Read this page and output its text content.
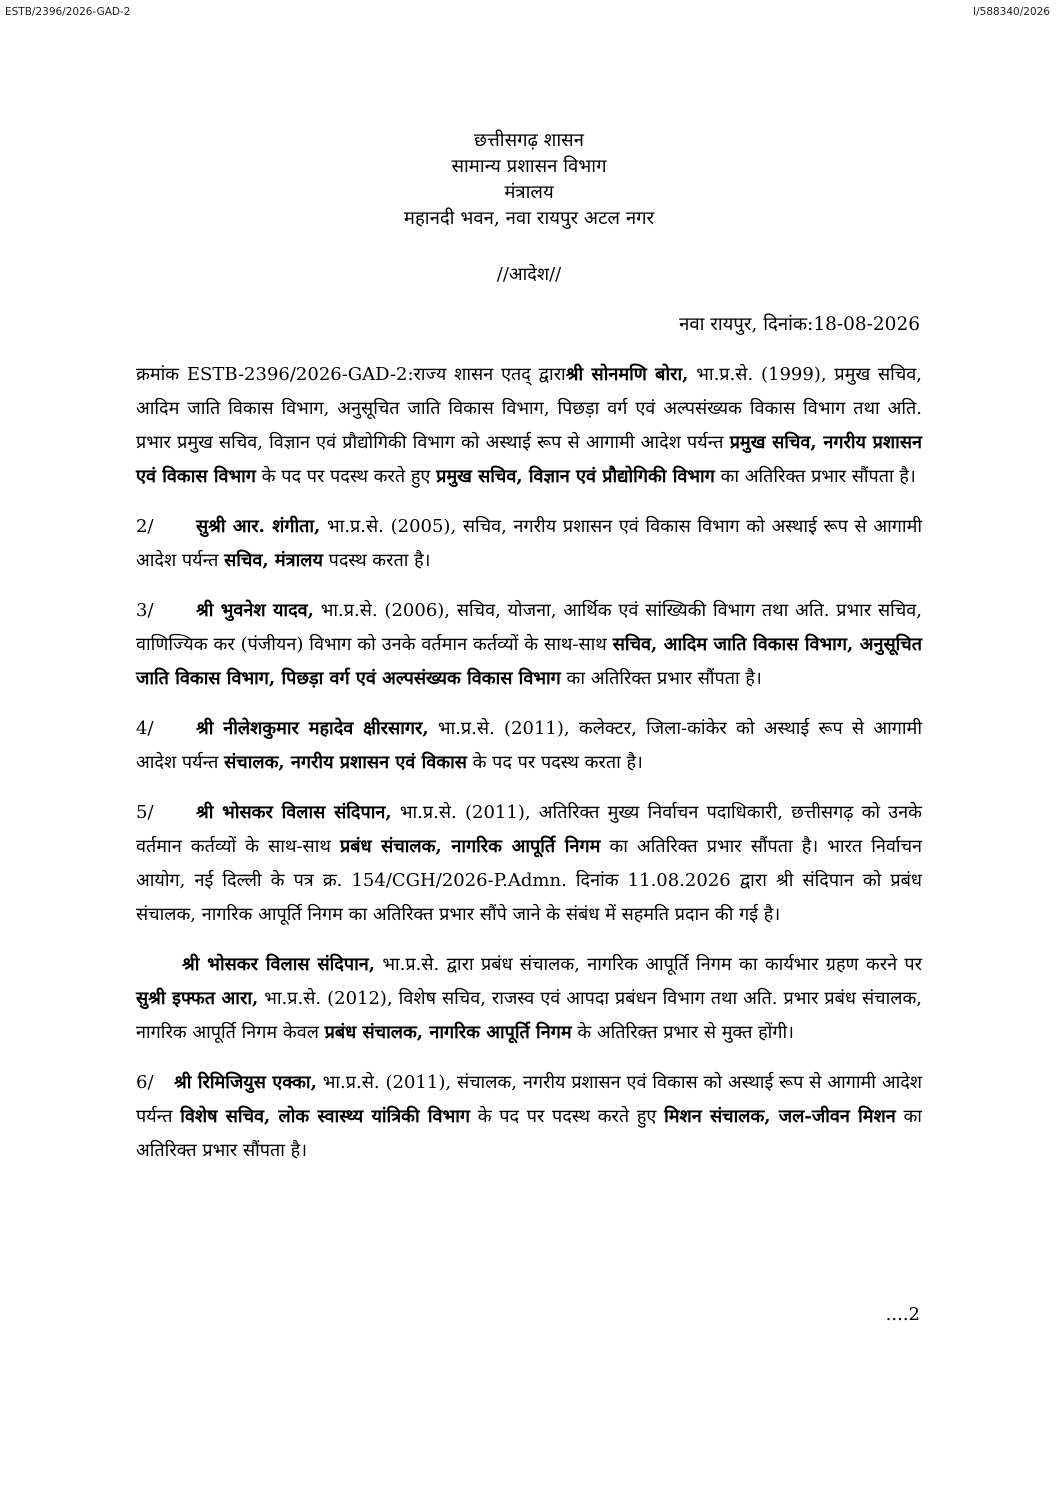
ESTB/2396/2026-GAD-2	I/588340/2026
छत्तीसगढ़ शासन
सामान्य प्रशासन विभाग
मंत्रालय
महानदी भवन, नवा रायपुर अटल नगर
//आदेश//
नवा रायपुर, दिनांक:18-08-2026

क्रमांक ESTB-2396/2026-GAD-2:राज्य शासन एतद् द्वाराश्री सोनमणि बोरा, भा.प्र.से. (1999), प्रमुख सचिव, आदिम जाति विकास विभाग, अनुसूचित जाति विकास विभाग, पिछड़ा वर्ग एवं अल्पसंख्यक विकास विभाग तथा अति. प्रभार प्रमुख सचिव, विज्ञान एवं प्रौद्योगिकी विभाग को अस्थाई रूप से आगामी आदेश पर्यन्त प्रमुख सचिव, नगरीय प्रशासन एवं विकास विभाग के पद पर पदस्थ करते हुए प्रमुख सचिव, विज्ञान एवं प्रौद्योगिकी विभाग का अतिरिक्त प्रभार सौंपता है।

2/ सुश्री आर. शंगीता, भा.प्र.से. (2005), सचिव, नगरीय प्रशासन एवं विकास विभाग को अस्थाई रूप से आगामी आदेश पर्यन्त सचिव, मंत्रालय पदस्थ करता है।

3/ श्री भुवनेश यादव, भा.प्र.से. (2006), सचिव, योजना, आर्थिक एवं सांख्यिकी विभाग तथा अति. प्रभार सचिव, वाणिज्यिक कर (पंजीयन) विभाग को उनके वर्तमान कर्तव्यों के साथ-साथ सचिव, आदिम जाति विकास विभाग, अनुसूचित जाति विकास विभाग, पिछड़ा वर्ग एवं अल्पसंख्यक विकास विभाग का अतिरिक्त प्रभार सौंपता है।

4/ श्री नीलेशकुमार महादेव क्षीरसागर, भा.प्र.से. (2011), कलेक्टर, जिला-कांकेर को अस्थाई रूप से आगामी आदेश पर्यन्त संचालक, नगरीय प्रशासन एवं विकास के पद पर पदस्थ करता है।

5/ श्री भोसकर विलास संदिपान, भा.प्र.से. (2011), अतिरिक्त मुख्य निर्वाचन पदाधिकारी, छत्तीसगढ़ को उनके वर्तमान कर्तव्यों के साथ-साथ प्रबंध संचालक, नागरिक आपूर्ति निगम का अतिरिक्त प्रभार सौंपता है। भारत निर्वाचन आयोग, नई दिल्ली के पत्र क्र. 154/CGH/2026-P.Admn. दिनांक 11.08.2026 द्वारा श्री संदिपान को प्रबंध संचालक, नागरिक आपूर्ति निगम का अतिरिक्त प्रभार सौंपे जाने के संबंध में सहमति प्रदान की गई है।

श्री भोसकर विलास संदिपान, भा.प्र.से. द्वारा प्रबंध संचालक, नागरिक आपूर्ति निगम का कार्यभार ग्रहण करने पर सुश्री इफ्फत आरा, भा.प्र.से. (2012), विशेष सचिव, राजस्व एवं आपदा प्रबंधन विभाग तथा अति. प्रभार प्रबंध संचालक, नागरिक आपूर्ति निगम केवल प्रबंध संचालक, नागरिक आपूर्ति निगम के अतिरिक्त प्रभार से मुक्त होंगी।

6/ श्री रिमिजियुस एक्का, भा.प्र.से. (2011), संचालक, नगरीय प्रशासन एवं विकास को अस्थाई रूप से आगामी आदेश पर्यन्त विशेष सचिव, लोक स्वास्थ्य यांत्रिकी विभाग के पद पर पदस्थ करते हुए मिशन संचालक, जल-जीवन मिशन का अतिरिक्त प्रभार सौंपता है।

....2
